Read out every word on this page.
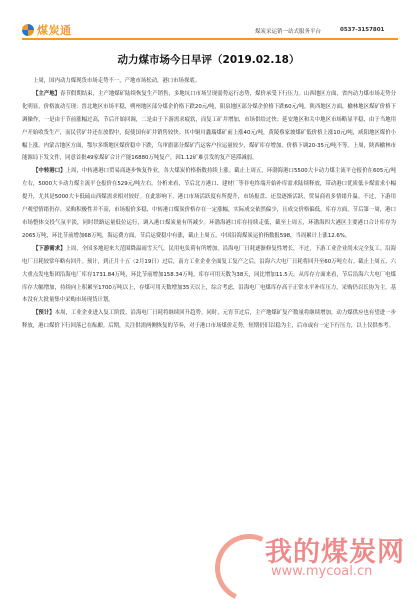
煤炭通	煤炭采运销一站式服务平台	0537-3157801
动力煤市场今日早评（2019.02.18）

上周，国内动力煤现货市场走势不一，产地市场松动，港口市场探底。

【主产地】春节假期结束，主产地煤矿陆续恢复生产销售，多地坑口市场呈现弱势运行态势，煤价承受下行压力。山西地区方面，省内动力煤市场走势分化明显，价格波动互现：晋北地区市场平稳，朔州地区部分煤企价格下跌20元/吨，阳泉地区部分煤企价格下跌60元/吨。陕西地区方面，榆林地区煤矿价格下调操作，一是由于节前涨幅过高，节后开始回调，二是由于下游需求疲软，而复工矿井增加，市场供给过快；延安地区和关中地区市场略显平稳，由于当地用户开始收货生产，而民营矿井还在放假中，促使国有矿井销售较快。其中铜川鑫瑞煤矿前上涨40元/吨，黄陵蔡家坡煤矿低价格上涨10元/吨，咸阳地区煤价小幅上涨。内蒙古地区方面，鄂尔多斯地区煤价稳中下跌，乌审旗部分煤矿汽运客户拉运量较少，煤矿库存增加，价格下调20-35元/吨不等。上周，陕西榆林市能源局下发文件，同意首批49家煤矿合计产能16880万吨复产，因1.12矿难引发的复产延滞减弱。

【中转港口】上周，中转港港口贸易商逐步恢复作业，各大煤炭价格指数持续上涨。截止上周五，环渤海港口5500大卡动力煤主流平仓报价在605元/吨左右，5000大卡动力煤主流平仓报价在529元/吨左右。分析来看，节后北方港口、建材厂等非电终端开始补库需求陆续释放，带动港口优质低卡煤需求小幅提升，尤其是5000大卡低硫山西煤需求相对较好。在此影响下，港口市场活跃度有所提升，市场报盘、还盘逐渐活跃，贸易商看多情绪升温。不过，下游用户观望情绪仍存，采购积极性并不高，市场报价多稳，中转港口煤炭价格存在一定涨幅，实际成交依然偏少，且成交价格偏低。库存方面，节后第一周，港口市场整体交投气氛平淡，同时铁路运量低位运行，调入港口煤炭量有所减少。环渤海港口库存持续走低，截至上周五，环渤海四大港区主要港口合计库存为2065万吨，环比节前增加68万吨，海运费方面，节后运费稳中有涨，截止上周五，中国沿海煤炭运价指数报598，当周累计上涨12.6%。

【下游需求】上周，全国多地迎来大范围降温雨雪天气，民用电负荷有所增加，沿海电厂日耗逐渐修复性增长，不过，下游工业企业尚未完全复工。沿海电厂日耗较常年略有回升。预计，到正月十五（2月19日）过后，南方工业企业全面复工复产之后，沿海六大电厂日耗将回升至60万吨左右。截止上周五，六大重点发电集团沿海电厂库存1731.84万吨，环比节前增加158.34万吨，库存可用天数为38天，同比增加11.5天。从库存方面来看，节后沿海六大电厂电煤库存大幅增加，持续向上积累至1700万吨以上，存煤可用天数增加35天以上，综合考虑，沿海电厂电煤库存高于正常水平补库压力，采购仍以长协为主，基本没有大批量集中采购市场现货计划。

【预计】本周，工业企业进入复工阶段，沿海电厂日耗将继续回升趋势。同时，元宵节过后，主产地煤矿复产数量将继续增加，动力煤供应也有望进一步释放，港口煤价下行回落已在酝酿。后期，关注供需两侧恢复的节奏，对于港口市场煤价走势，短期仍旧以稳为主，后市或有一定下行压力，以上仅供参考。

我的煤炭网
www.mycoal.cn
